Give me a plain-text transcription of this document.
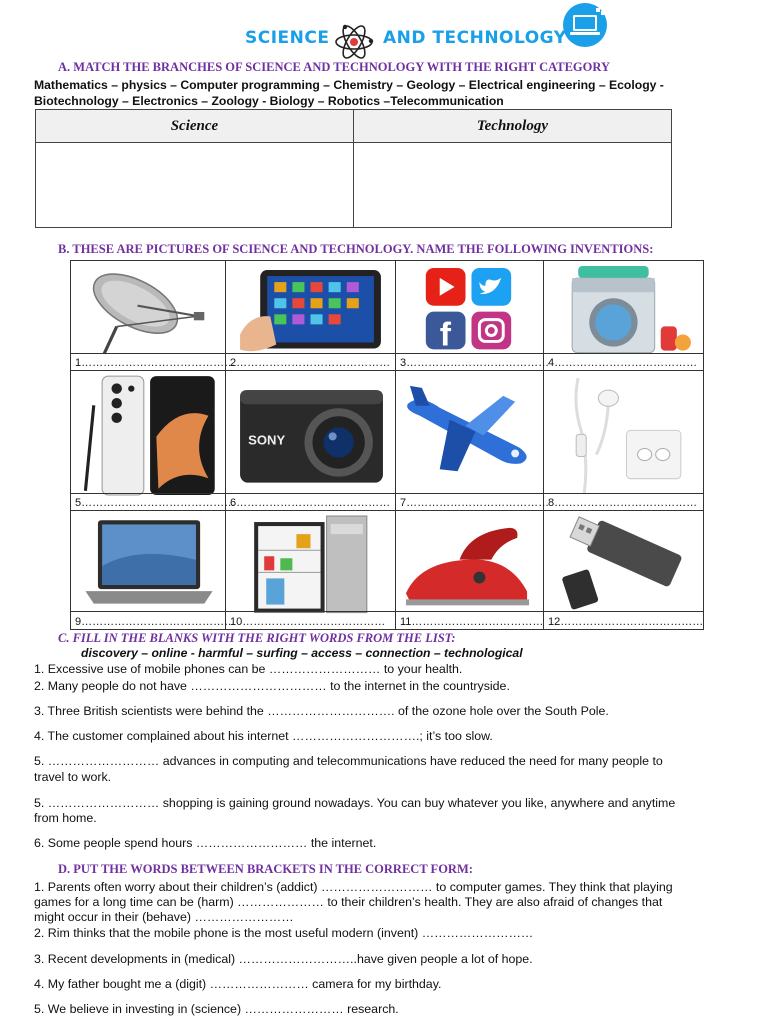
SCIENCE	AND TECHNOLOGY
A. MATCH THE BRANCHES OF SCIENCE AND TECHNOLOGY WITH THE RIGHT CATEGORY
Mathematics – physics – Computer programming – Chemistry – Geology – Electrical engineering – Ecology -
Biotechnology – Electronics – Zoology - Biology – Robotics –Telecommunication
Science	Technology

B. THESE ARE PICTURES OF SCIENCE AND TECHNOLOGY. NAME THE FOLLOWING INVENTIONS:
1……………………………………
2……………………………………
f
3…………………………………
4…………………………………
5……………………………………
SONY
6…………………………………… 7…………………………………
8…………………………………
9……………………………………
10………………………………… 11……………………………… 12…………………………………
C. FILL IN THE BLANKS WITH THE RIGHT WORDS FROM THE LIST:
discovery – online - harmful – surfing – access – connection – technological
1. Excessive use of mobile phones can be ……………………… to your health.
2. Many people do not have …………………………… to the internet in the countryside.
3. Three British scientists were behind the …………………………. of the ozone hole over the South Pole.
4. The customer complained about his internet ………………………….; it’s too slow.
5. ……………………… advances in computing and telecommunications have reduced the need for many people to
travel to work.
5. ……………………… shopping is gaining ground nowadays. You can buy whatever you like, anywhere and anytime
from home.
6. Some people spend hours ……………………… the internet.
D. PUT THE WORDS BETWEEN BRACKETS IN THE CORRECT FORM:
1. Parents often worry about their children’s (addict) ……………………… to computer games. They think that playing
games for a long time can be (harm) ………………… to their children’s health. They are also afraid of changes that
might occur in their (behave) ……………………
2. Rim thinks that the mobile phone is the most useful modern (invent) ………………………
3. Recent developments in (medical) ………………………..have given people a lot of hope.
4. My father bought me a (digit) …………………… camera for my birthday.
5. We believe in investing in (science) …………………… research.
